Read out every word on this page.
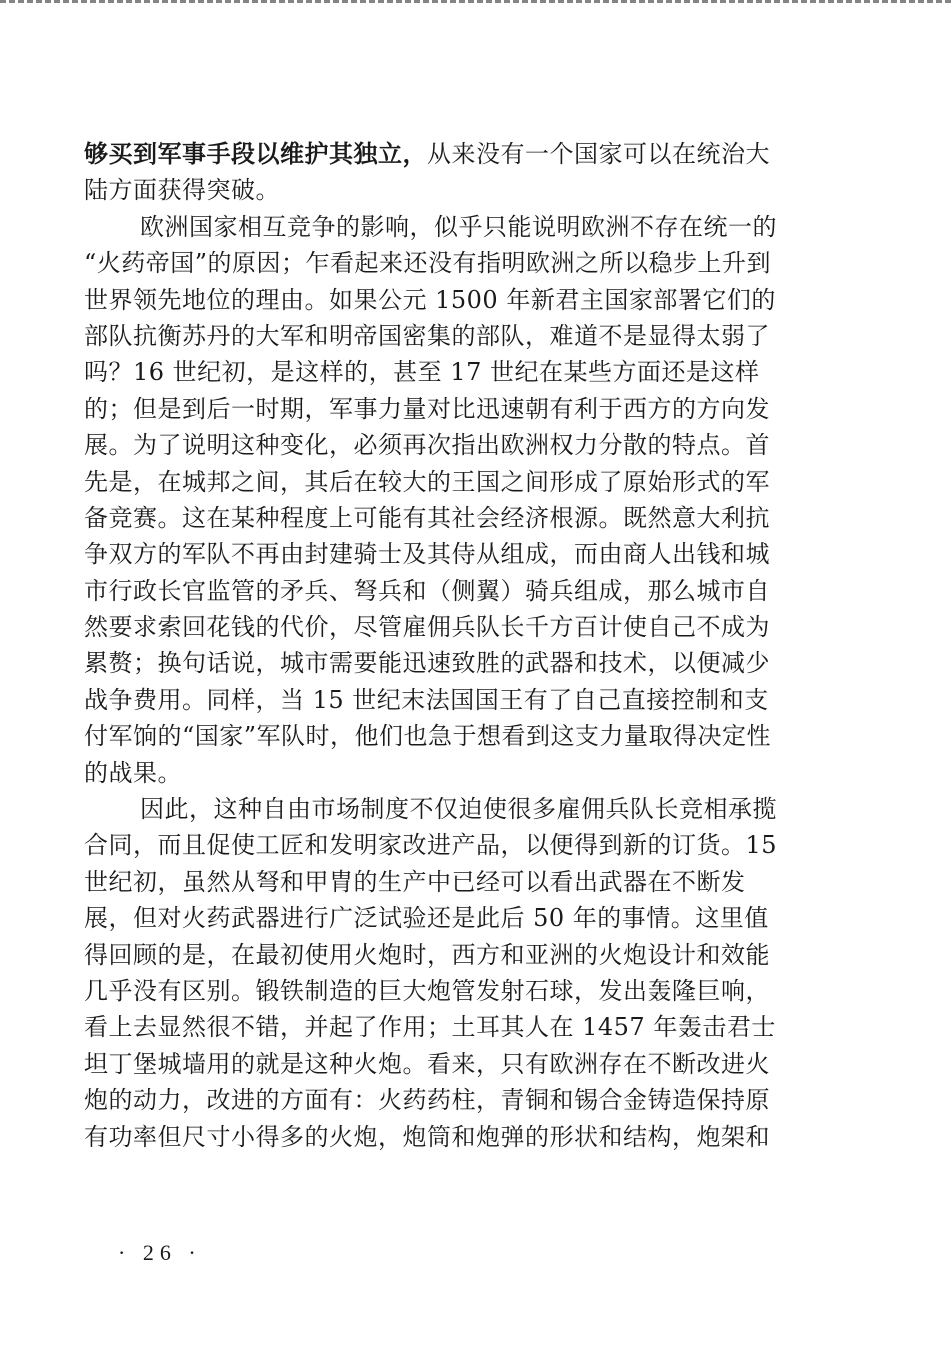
够买到军事手段以维护其独立，从来没有一个国家可以在统治大
陆方面获得突破。
欧洲国家相互竞争的影响，似乎只能说明欧洲不存在统一的
“火药帝国”的原因；乍看起来还没有指明欧洲之所以稳步上升到
世界领先地位的理由。如果公元 1500 年新君主国家部署它们的
部队抗衡苏丹的大军和明帝国密集的部队，难道不是显得太弱了
吗？16 世纪初，是这样的，甚至 17 世纪在某些方面还是这样
的；但是到后一时期，军事力量对比迅速朝有利于西方的方向发
展。为了说明这种变化，必须再次指出欧洲权力分散的特点。首
先是，在城邦之间，其后在较大的王国之间形成了原始形式的军
备竞赛。这在某种程度上可能有其社会经济根源。既然意大利抗
争双方的军队不再由封建骑士及其侍从组成，而由商人出钱和城
市行政长官监管的矛兵、弩兵和（侧翼）骑兵组成，那么城市自
然要求索回花钱的代价，尽管雇佣兵队长千方百计使自己不成为
累赘；换句话说，城市需要能迅速致胜的武器和技术，以便减少
战争费用。同样，当 15 世纪末法国国王有了自己直接控制和支
付军饷的“国家”军队时，他们也急于想看到这支力量取得决定性
的战果。
因此，这种自由市场制度不仅迫使很多雇佣兵队长竞相承揽
合同，而且促使工匠和发明家改进产品，以便得到新的订货。15
世纪初，虽然从弩和甲胄的生产中已经可以看出武器在不断发
展，但对火药武器进行广泛试验还是此后 50 年的事情。这里值
得回顾的是，在最初使用火炮时，西方和亚洲的火炮设计和效能
几乎没有区别。锻铁制造的巨大炮管发射石球，发出轰隆巨响，
看上去显然很不错，并起了作用；土耳其人在 1457 年轰击君士
坦丁堡城墙用的就是这种火炮。看来，只有欧洲存在不断改进火
炮的动力，改进的方面有：火药药柱，青铜和锡合金铸造保持原
有功率但尺寸小得多的火炮，炮筒和炮弹的形状和结构，炮架和
· 26 ·
